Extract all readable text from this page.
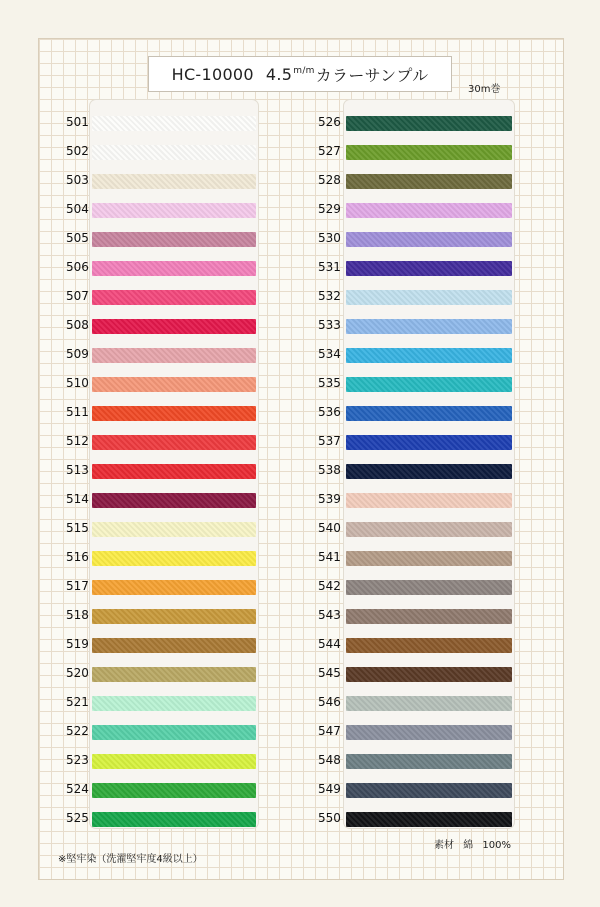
HC-10000 4.5 m/m カラーサンプル
30m巻
501
502
503
504
505
506
507
508
509
510
511
512
513
514
515
516
517
518
519
520
521
522
523
524
525
526
527
528
529
530
531
532
533
534
535
536
537
538
539
540
541
542
543
544
545
546
547
548
549
550
素材 綿 100%
※堅牢染（洗濯堅牢度4級以上）
